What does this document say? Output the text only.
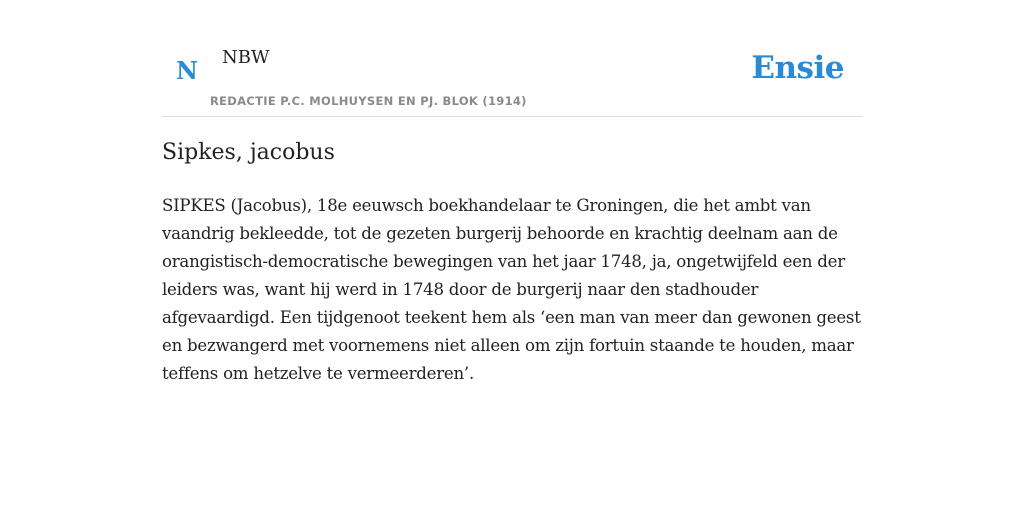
N NBW
REDACTIE P.C. MOLHUYSEN EN PJ. BLOK (1914)
Ensie
Sipkes, jacobus

SIPKES (Jacobus), 18e eeuwsch boekhandelaar te Groningen, die het ambt van vaandrig bekleedde, tot de gezeten burgerij behoorde en krachtig deelnam aan de orangistisch-democratische bewegingen van het jaar 1748, ja, ongetwijfeld een der leiders was, want hij werd in 1748 door de burgerij naar den stadhouder afgevaardigd. Een tijdgenoot teekent hem als ‘een man van meer dan gewonen geest en bezwangerd met voornemens niet alleen om zijn fortuin staande te houden, maar teffens om hetzelve te vermeerderen’.
